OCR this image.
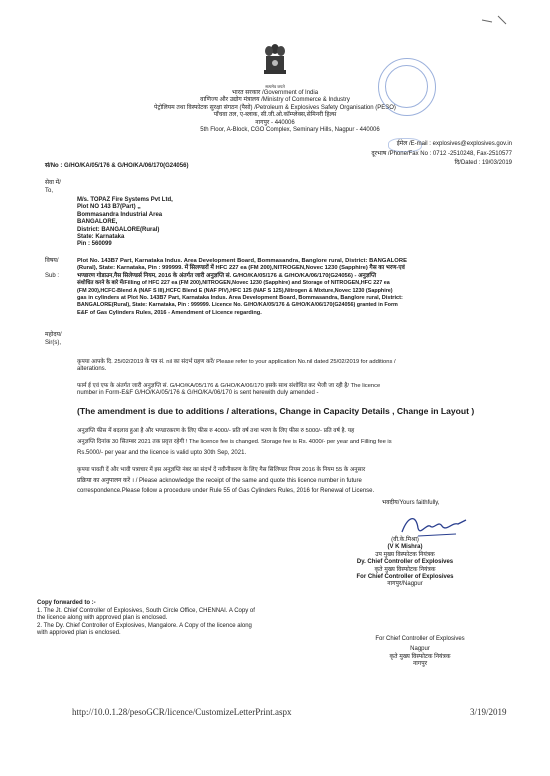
सत्यमेव जयते
भारत सरकार /Government of India
वाणिज्य और उद्योग मंत्रालय /Ministry of Commerce & Industry
पेट्रोलियम तथा विस्फोटक सुरक्षा संगठन (पैसो) /Petroleum & Explosives Safety Organisation (PESO)
पाँचवा तल, ए-ब्लाक, सी.जी.ओ.कॉम्प्लेक्स,सेमिनरी हिल्स
नागपुर - 440006
5th Floor, A-Block, CGO Complex, Seminary Hills, Nagpur - 440006
ईमेल /E-mail : explosives@explosives.gov.in
दूरभाष /Phone/Fax No : 0712 -2510248, Fax-2510577
दि/Dated : 19/03/2019
सं/No : G/HO/KA/05/176 & G/HO/KA/06/170(G24056)
सेवा में/
To,
M/s. TOPAZ Fire Systems Pvt Ltd,
Plot NO 143 B7(Part) ,,
Bommasandra Industrial Area
BANGALORE,
District: BANGALORE(Rural)
State: Karnataka
Pin : 560099
विषय/
Sub :
Plot No. 143B7 Part, Karnataka Indus. Area Development Board, Bommasandra, Banglore rural, District: BANGALORE
(Rural), State: Karnataka, Pin : 999999. में सिलण्डरों में HFC 227 ea (FM 200),NITROGEN,Novec 1230 (Sapphire) गैस का भरण-एवं
भण्डारण गोडाउन,गैस सिलेण्डर्स नियम, 2016 के अंतर्गत जारी अनुज्ञप्ति सं. G/HO/KA/05/176 & G/HO/KA/06/170(G24056) - अनुज्ञप्ति
संशोधित करने के बारे में/Filling of HFC 227 ea (FM 200),NITROGEN,Novec 1230 (Sapphire) and Storage of NITROGEN,HFC 227 ea
(FM 200),HCFC-Blend A (NAF S III),HCFC Blend E (NAF PIV),HFC 125 (NAF S 125),Nitrogen & Mixture,Novec 1230 (Sapphire)
gas in cylinders at Plot No. 143B7 Part, Karnataka Indus. Area Development Board, Bommasandra, Banglore rural, District:
BANGALORE(Rural), State: Karnataka, Pin : 999999. Licence No. G/HO/KA/05/176 & G/HO/KA/06/170(G24056) granted in Form
E&F of Gas Cylinders Rules, 2016 - Amendment of Licence regarding.
महोदय/
Sir(s),
कृपया आपके दि. 25/02/2019 के पत्र सं. nil का संदर्भ ग्रहण करें/ Please refer to your application No.nil dated 25/02/2019 for additions /
alterations.
फार्म ई एवं एफ के अंतर्गत जारी अनुज्ञप्ति सं. G/HO/KA/05/176 & G/HO/KA/06/170 इसके साथ संशोधित कर भेजी जा रही है/ The licence
number in Form-E&F G/HO/KA/05/176 & G/HO/KA/06/170 is sent herewith duly amended -
(The amendment is due to additions / alterations, Change in Capacity Details , Change in Layout )
अनुज्ञप्ति फीस में बदलाव हुआ है और भण्डारकरण के लिए फीस रु 4000/- प्रति वर्ष तथा भरण के लिए फीस रु 5000/- प्रति वर्ष है. यह
अनुज्ञप्ति दिनांक 30 सितम्बर 2021 तक प्रवृत्त रहेगी ! The licence fee is changed. Storage fee is Rs. 4000/- per year and Filling fee is
Rs.5000/- per year and the licence is valid upto 30th Sep, 2021.
कृपया पावती दें और भावी पत्राचार में इस अनुज्ञप्ति नंबर का संदर्भ दें नवीनीकरण के लिए गैस सिलिण्डर नियम 2016 के नियम 55 के अनुसार
प्रक्रिया का अनुपालन करें । / Please acknowledge the receipt of the same and quote this licence number in future
correspondence.Please follow a procedure under Rule 55 of Gas Cylinders Rules, 2016 for Renewal of License.
भवदीय/Yours faithfully,
(वी.के.मिश्रा)
(V K Mishra)
उप मुख्य विस्फोटक नियंत्रक
Dy. Chief Controller of Explosives
कृते मुख्य विस्फोटक नियंत्रक
For Chief Controller of Explosives
नागपुर/Nagpur
Copy forwarded to :-
1. The Jt. Chief Controller of Explosives, South Circle Office, CHENNAI. A Copy of
the licence along with approved plan is enclosed.
2. The Dy. Chief Controller of Explosives, Mangalore. A Copy of the licence along
with approved plan is enclosed.
For Chief Controller of Explosives
Nagpur
कृते मुख्य विस्फोटक नियंत्रक
नागपुर
http://10.0.1.28/pesoGCR/licence/CustomizeLetterPrint.aspx	3/19/2019
